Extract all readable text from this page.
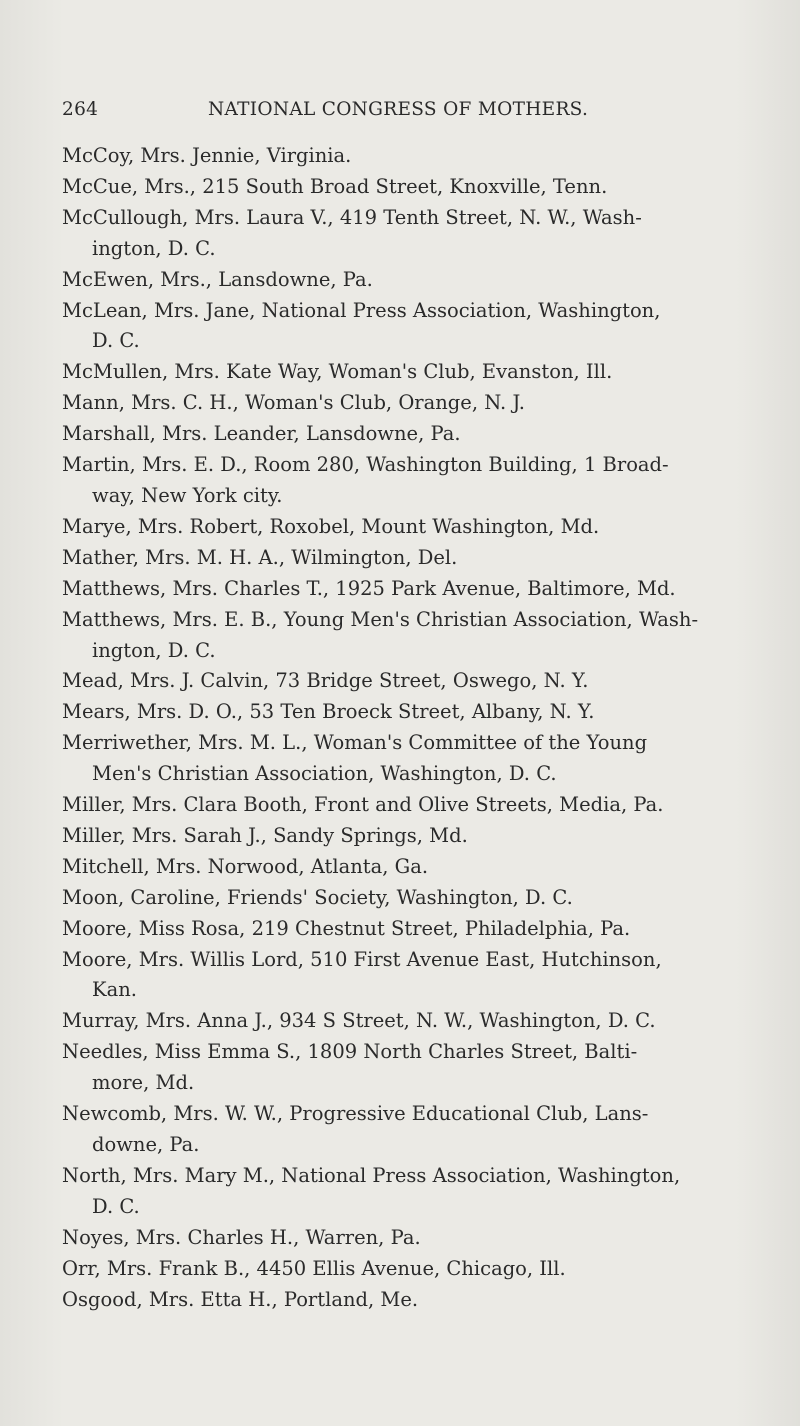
264	NATIONAL CONGRESS OF MOTHERS.
McCoy, Mrs. Jennie, Virginia.
McCue, Mrs., 215 South Broad Street, Knoxville, Tenn.
McCullough, Mrs. Laura V., 419 Tenth Street, N. W., Wash-
ington, D. C.
McEwen, Mrs., Lansdowne, Pa.
McLean, Mrs. Jane, National Press Association, Washington,
D. C.
McMullen, Mrs. Kate Way, Woman's Club, Evanston, Ill.
Mann, Mrs. C. H., Woman's Club, Orange, N. J.
Marshall, Mrs. Leander, Lansdowne, Pa.
Martin, Mrs. E. D., Room 280, Washington Building, 1 Broad-
way, New York city.
Marye, Mrs. Robert, Roxobel, Mount Washington, Md.
Mather, Mrs. M. H. A., Wilmington, Del.
Matthews, Mrs. Charles T., 1925 Park Avenue, Baltimore, Md.
Matthews, Mrs. E. B., Young Men's Christian Association, Wash-
ington, D. C.
Mead, Mrs. J. Calvin, 73 Bridge Street, Oswego, N. Y.
Mears, Mrs. D. O., 53 Ten Broeck Street, Albany, N. Y.
Merriwether, Mrs. M. L., Woman's Committee of the Young
Men's Christian Association, Washington, D. C.
Miller, Mrs. Clara Booth, Front and Olive Streets, Media, Pa.
Miller, Mrs. Sarah J., Sandy Springs, Md.
Mitchell, Mrs. Norwood, Atlanta, Ga.
Moon, Caroline, Friends' Society, Washington, D. C.
Moore, Miss Rosa, 219 Chestnut Street, Philadelphia, Pa.
Moore, Mrs. Willis Lord, 510 First Avenue East, Hutchinson,
Kan.
Murray, Mrs. Anna J., 934 S Street, N. W., Washington, D. C.
Needles, Miss Emma S., 1809 North Charles Street, Balti-
more, Md.
Newcomb, Mrs. W. W., Progressive Educational Club, Lans-
downe, Pa.
North, Mrs. Mary M., National Press Association, Washington,
D. C.
Noyes, Mrs. Charles H., Warren, Pa.
Orr, Mrs. Frank B., 4450 Ellis Avenue, Chicago, Ill.
Osgood, Mrs. Etta H., Portland, Me.
